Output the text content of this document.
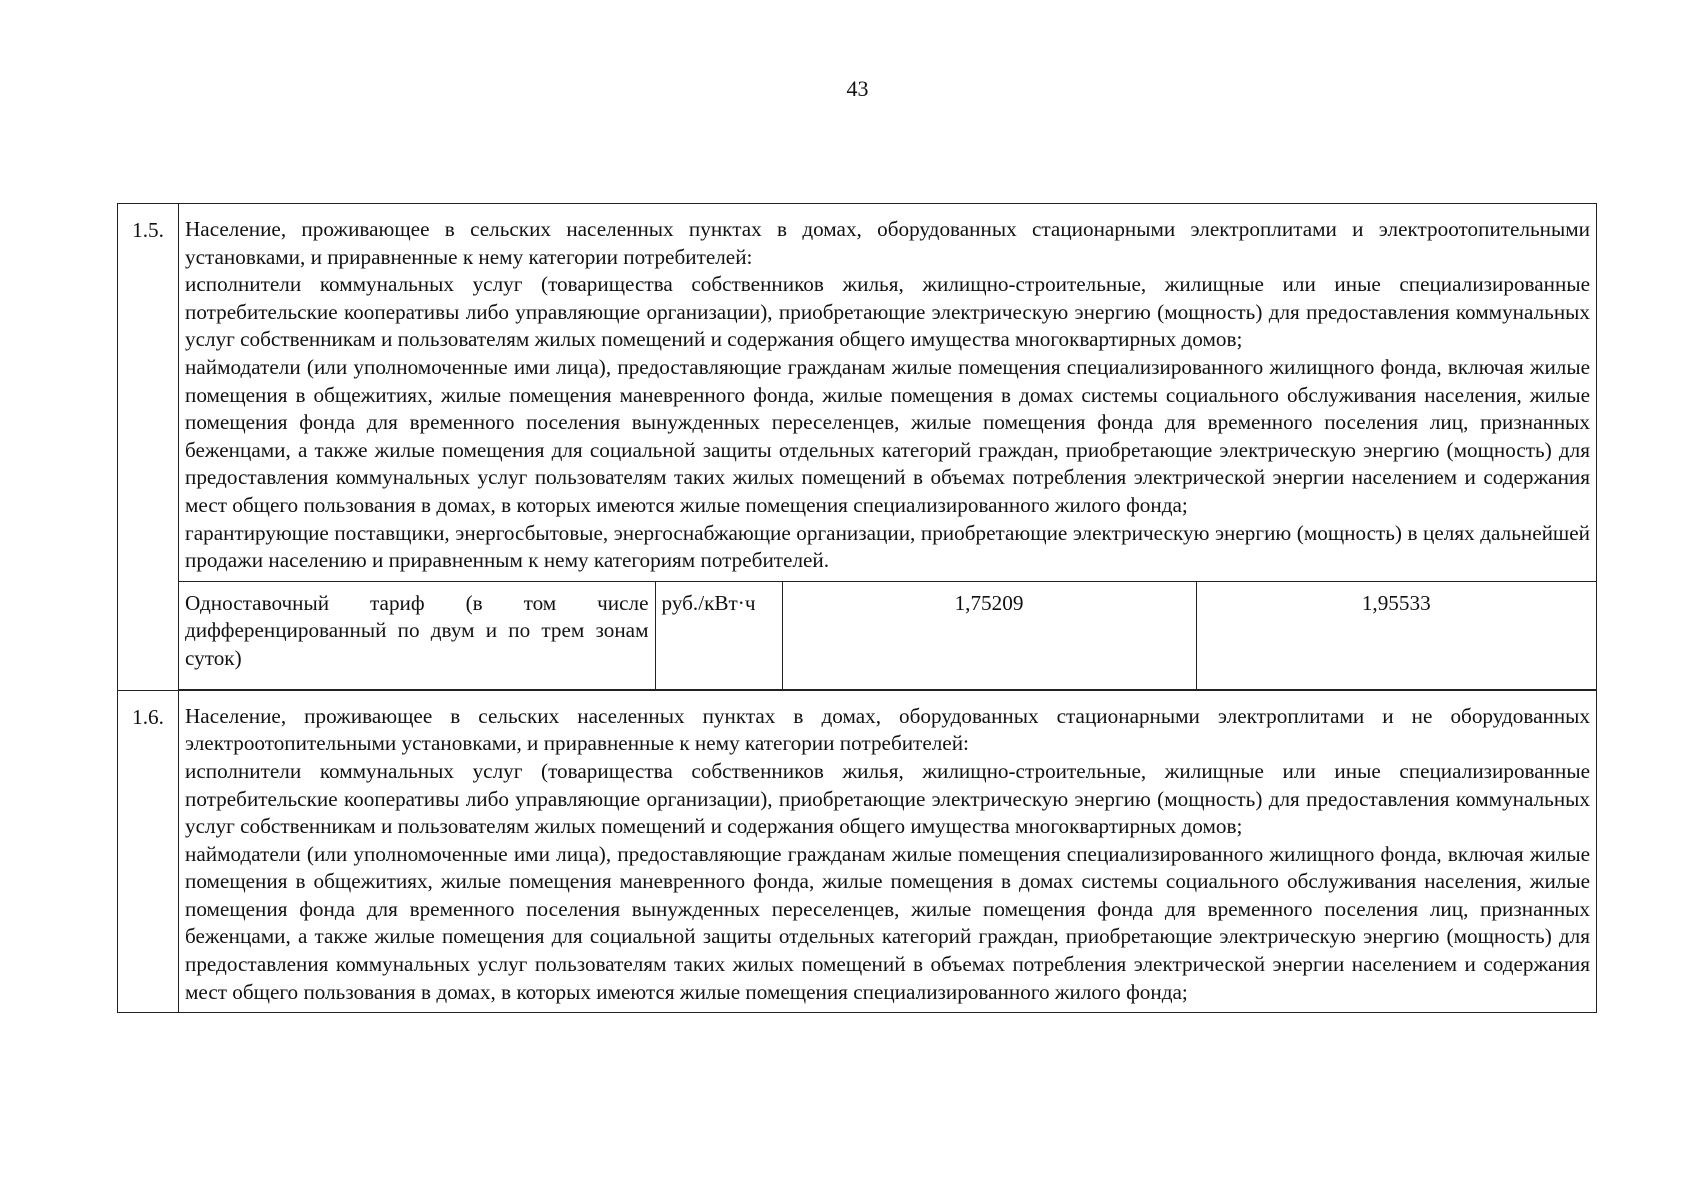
43
1.5.	Население, проживающее в сельских населенных пунктах в домах, оборудованных стационарными электроплитами и электроотопительными установками, и приравненные к нему категории потребителей:

исполнители коммунальных услуг (товарищества собственников жилья, жилищно-строительные, жилищные или иные специализированные потребительские кооперативы либо управляющие организации), приобретающие электрическую энергию (мощность) для предоставления коммунальных услуг собственникам и пользователям жилых помещений и содержания общего имущества многоквартирных домов;

наймодатели (или уполномоченные ими лица), предоставляющие гражданам жилые помещения специализированного жилищного фонда, включая жилые помещения в общежитиях, жилые помещения маневренного фонда, жилые помещения в домах системы социального обслуживания населения, жилые помещения фонда для временного поселения вынужденных переселенцев, жилые помещения фонда для временного поселения лиц, признанных беженцами, а также жилые помещения для социальной защиты отдельных категорий граждан, приобретающие электрическую энергию (мощность) для предоставления коммунальных услуг пользователям таких жилых помещений в объемах потребления электрической энергии населением и содержания мест общего пользования в домах, в которых имеются жилые помещения специализированного жилого фонда;

гарантирующие поставщики, энергосбытовые, энергоснабжающие организации, приобретающие электрическую энергию (мощность) в целях дальнейшей продажи населению и приравненным к нему категориям потребителей.

Одноставочный тариф (в том числе дифференцированный по двум и по трем зонам суток)	руб./кВт·ч	1,75209	1,95533

1.6.	Население, проживающее в сельских населенных пунктах в домах, оборудованных стационарными электроплитами и не оборудованных электроотопительными установками, и приравненные к нему категории потребителей:

исполнители коммунальных услуг (товарищества собственников жилья, жилищно-строительные, жилищные или иные специализированные потребительские кооперативы либо управляющие организации), приобретающие электрическую энергию (мощность) для предоставления коммунальных услуг собственникам и пользователям жилых помещений и содержания общего имущества многоквартирных домов;

наймодатели (или уполномоченные ими лица), предоставляющие гражданам жилые помещения специализированного жилищного фонда, включая жилые помещения в общежитиях, жилые помещения маневренного фонда, жилые помещения в домах системы социального обслуживания населения, жилые помещения фонда для временного поселения вынужденных переселенцев, жилые помещения фонда для временного поселения лиц, признанных беженцами, а также жилые помещения для социальной защиты отдельных категорий граждан, приобретающие электрическую энергию (мощность) для предоставления коммунальных услуг пользователям таких жилых помещений в объемах потребления электрической энергии населением и содержания мест общего пользования в домах, в которых имеются жилые помещения специализированного жилого фонда;
